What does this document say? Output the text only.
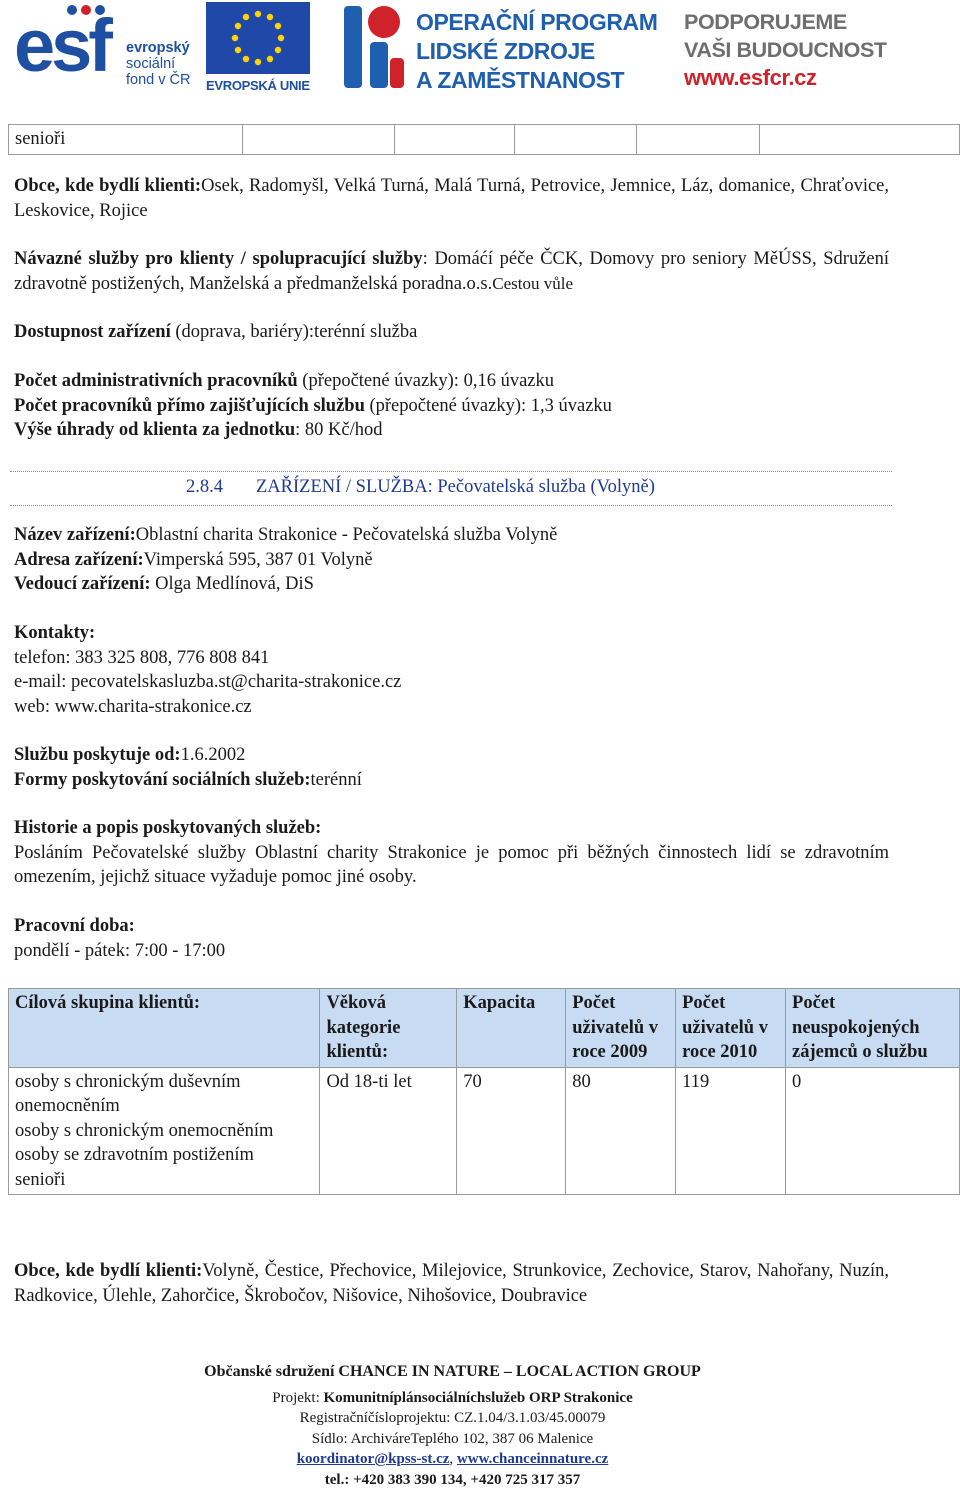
esf evropský
sociální
fond v ČR EVROPSKÁ UNIE
OPERAČNÍ PROGRAM
LIDSKÉ ZDROJE
A ZAMĚSTNANOST
PODPORUJEME
VAŠI BUDOUCNOST
www.esfcr.cz
senioři					
Obce, kde bydlí klienti:Osek, Radomyšl, Velká Turná, Malá Turná, Petrovice, Jemnice, Láz, domanice, Chraťovice, Leskovice, Rojice
Návazné služby pro klienty / spolupracující služby: Domáćí péče ČCK, Domovy pro seniory MěÚSS, Sdružení zdravotně postižených, Manželská a předmanželská poradna.o.s.Cestou vůle
Dostupnost zařízení (doprava, bariéry):terénní služba
Počet administrativních pracovníků (přepočtené úvazky): 0,16 úvazku
Počet pracovníků přímo zajišťujících službu (přepočtené úvazky): 1,3 úvazku
Výše úhrady od klienta za jednotku: 80 Kč/hod
2.8.4 ZAŘÍZENÍ / SLUŽBA: Pečovatelská služba (Volyně)
Název zařízení:Oblastní charita Strakonice - Pečovatelská služba Volyně
Adresa zařízení:Vimperská 595, 387 01 Volyně
Vedoucí zařízení: Olga Medlínová, DiS
Kontakty:
telefon: 383 325 808, 776 808 841
e-mail: pecovatelskasluzba.st@charita-strakonice.cz
web: www.charita-strakonice.cz
Službu poskytuje od:1.6.2002
Formy poskytování sociálních služeb:terénní
Historie a popis poskytovaných služeb:
Posláním Pečovatelské služby Oblastní charity Strakonice je pomoc při běžných činnostech lidí se zdravotním omezením, jejichž situace vyžaduje pomoc jiné osoby.
Pracovní doba:
pondělí - pátek: 7:00 - 17:00
Cílová skupina klientů:	Věková kategorie klientů:	Kapacita	Počet uživatelů v roce 2009	Počet uživatelů v roce 2010	Počet neuspokojených zájemců o službu

osoby s chronickým duševním onemocněním
osoby s chronickým onemocněním
osoby se zdravotním postižením
senioři	Od 18-ti let	70	80	119	0
Obce, kde bydlí klienti:Volyně, Čestice, Přechovice, Milejovice, Strunkovice, Zechovice, Starov, Nahořany, Nuzín, Radkovice, Úlehle, Zahorčice, Škrobočov, Nišovice, Nihošovice, Doubravice
Občanské sdružení CHANCE IN NATURE – LOCAL ACTION GROUP
Projekt: Komunitníplánsociálníchslužeb ORP Strakonice
Registračníčísloprojektu: CZ.1.04/3.1.03/45.00079
Sídlo: ArchiváreTeplého 102, 387 06 Malenice
koordinator@kpss-st.cz, www.chanceinnature.cz
tel.: +420 383 390 134, +420 725 317 357
